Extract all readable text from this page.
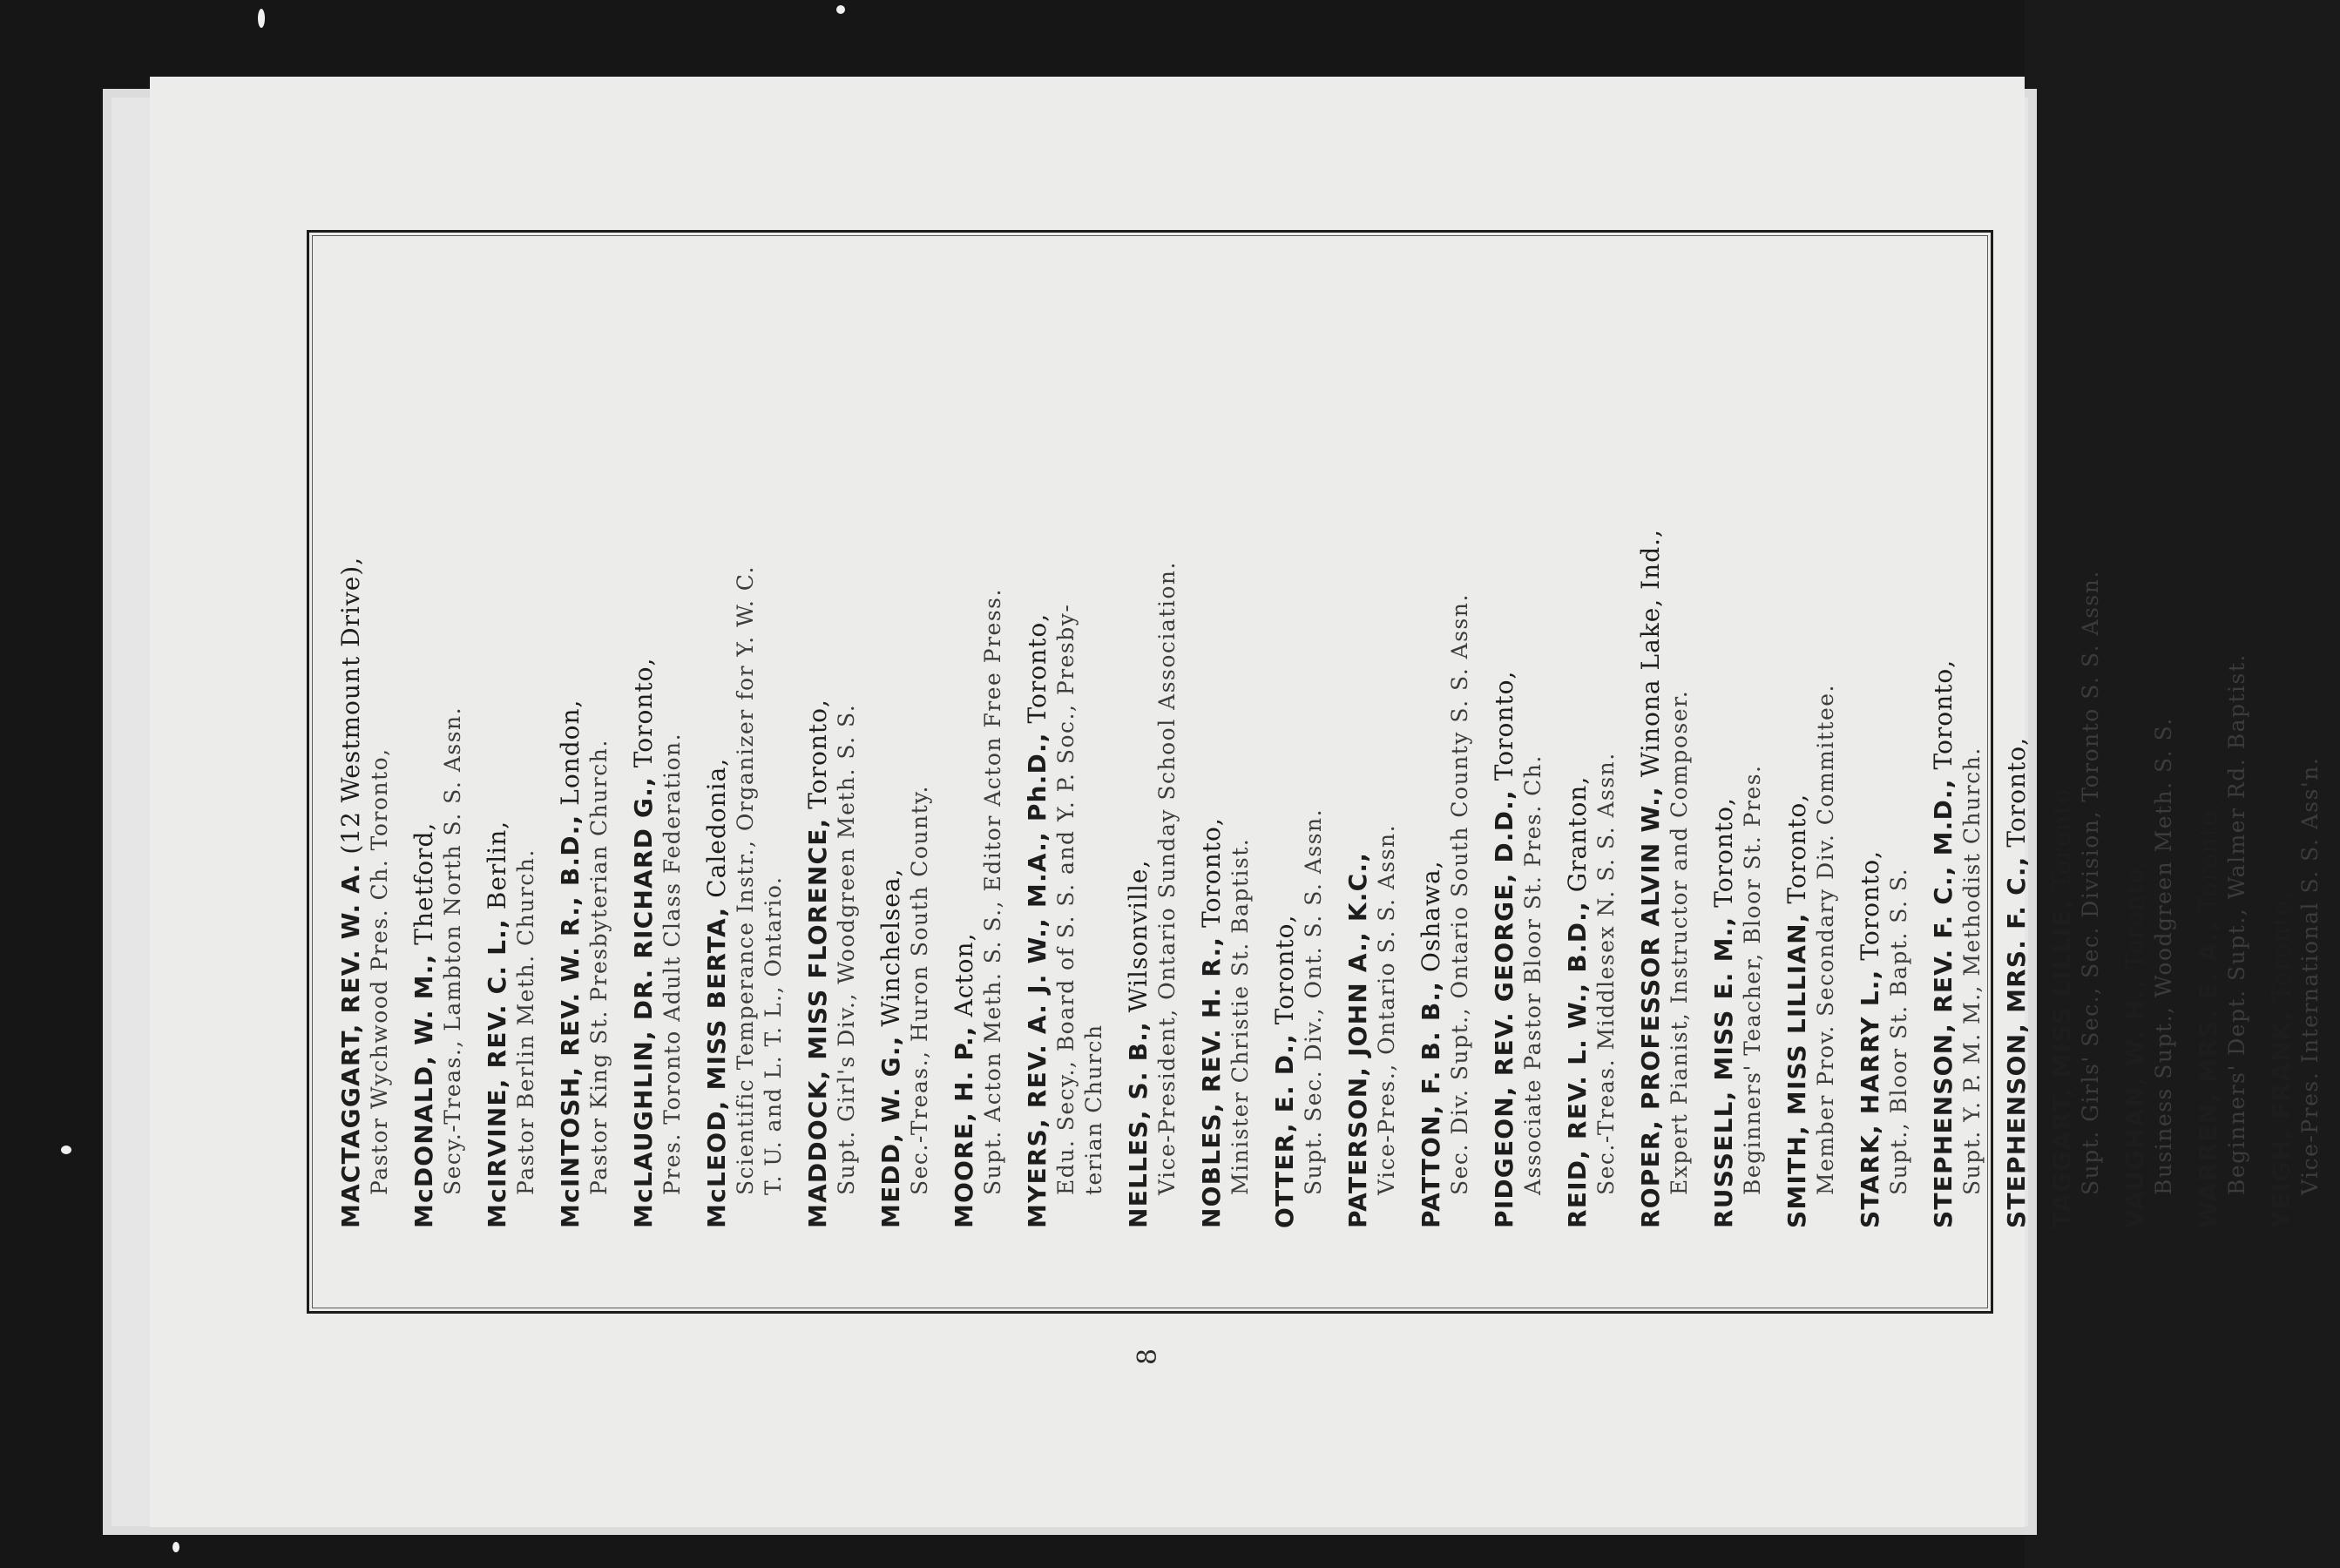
MACTAGGART, REV. W. A. (12 Westmount Drive),
Pastor Wychwood Pres. Ch. Toronto, McDONALD, W. M., Thetford, Secy.-Treas., Lambton North S. S. Assn. McIRVINE, REV. C. L., Berlin, Pastor Berlin Meth. Church. McINTOSH, REV. W. R., B.D., London, Pastor King St. Presbyterian Church. McLAUGHLIN, DR. RICHARD G., Toronto,
Pres. Toronto Adult Class Federation. McLEOD, MISS BERTA, Caledonia, Scientific Temperance Instr., Organizer for Y. W. C. T. U. and L. T. L., Ontario. MADDOCK, MISS FLORENCE, Toronto, Supt. Girl's Div., Woodgreen Meth. S. S. MEDD, W. G., Winchelsea, Sec.-Treas., Huron South County. MOORE, H. P., Acton, Supt. Acton Meth. S. S., Editor Acton Free Press. MYERS, REV. A. J. W., M.A., Ph.D., Toronto, Edu. Secy., Board of S. S. and Y. P. Soc., Presby- terian Church NELLES, S. B., Wilsonville, Vice-President, Ontario Sunday School Association. NOBLES, REV. H. R., Toronto, Minister Christie St. Baptist. OTTER, E. D., Toronto, Supt. Sec. Div., Ont. S. S. Assn. PATERSON, JOHN A., K.C., Vice-Pres., Ontario S. S. Assn. PATTON, F. B. B., Oshawa, Sec. Div. Supt., Ontario South County S. S. Assn. PIDGEON, REV. GEORGE, D.D., Toronto,
Associate Pastor Bloor St. Pres. Ch. REID, REV. L. W., B.D., Granton, Sec.-Treas. Middlesex N. S. S. Assn. ROPER, PROFESSOR ALVIN W., Winona Lake, Ind.,
Expert Pianist, Instructor and Composer. RUSSELL, MISS E. M., Toronto, Beginners' Teacher, Bloor St. Pres. SMITH, MISS LILLIAN, Toronto, Member Prov. Secondary Div. Committee. STARK, HARRY L., Toronto, Supt., Bloor St. Bapt. S. S. STEPHENSON, REV. F. C., M.D., Toronto,
Supt. Y. P. M. M., Methodist Church. STEPHENSON, MRS. F. C., Toronto,
TAGGART, MISS LILLIE, Toronto, Supt. Girls' Sec., Sec. Division, Toronto S. S. Assn. VAUGHAN, W. H., Toronto, Business Supt., Woodgreen Meth. S. S. WARREN, MRS. E. A., Toronto, Beginners' Dept. Supt., Walmer Rd. Baptist. YEIGH, FRANK, Toronto, Vice-Pres. International S. S. Ass'n.
8
